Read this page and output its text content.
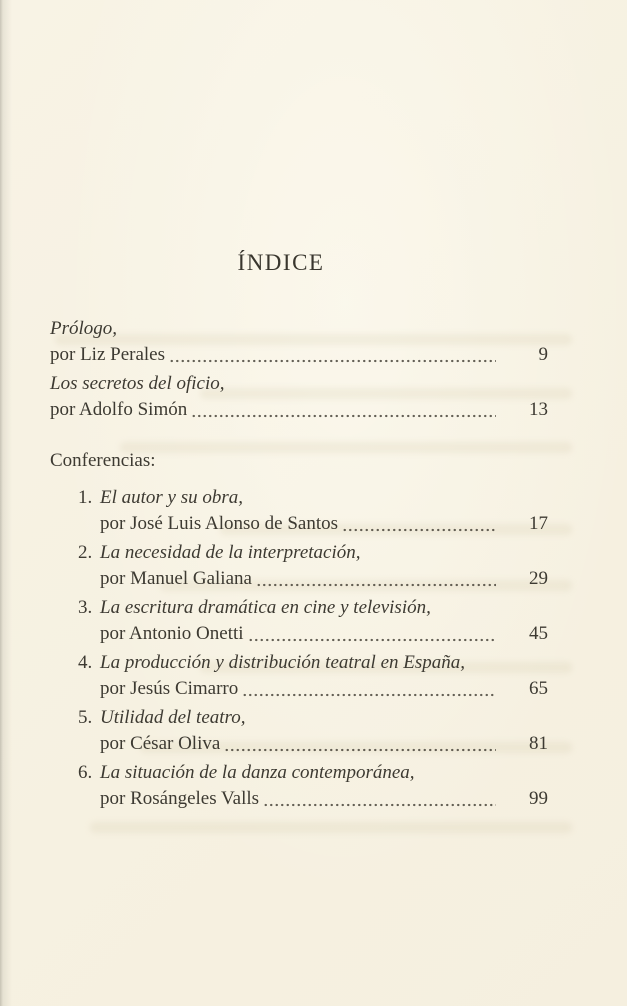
ÍNDICE
Prólogo,
por Liz Perales	9
Los secretos del oficio,
por Adolfo Simón	13
Conferencias:
1. El autor y su obra,
por José Luis Alonso de Santos	17
2. La necesidad de la interpretación,
por Manuel Galiana	29
3. La escritura dramática en cine y televisión,
por Antonio Onetti	45
4. La producción y distribución teatral en España,
por Jesús Cimarro	65
5. Utilidad del teatro,
por César Oliva	81
6. La situación de la danza contemporánea,
por Rosángeles Valls	99
